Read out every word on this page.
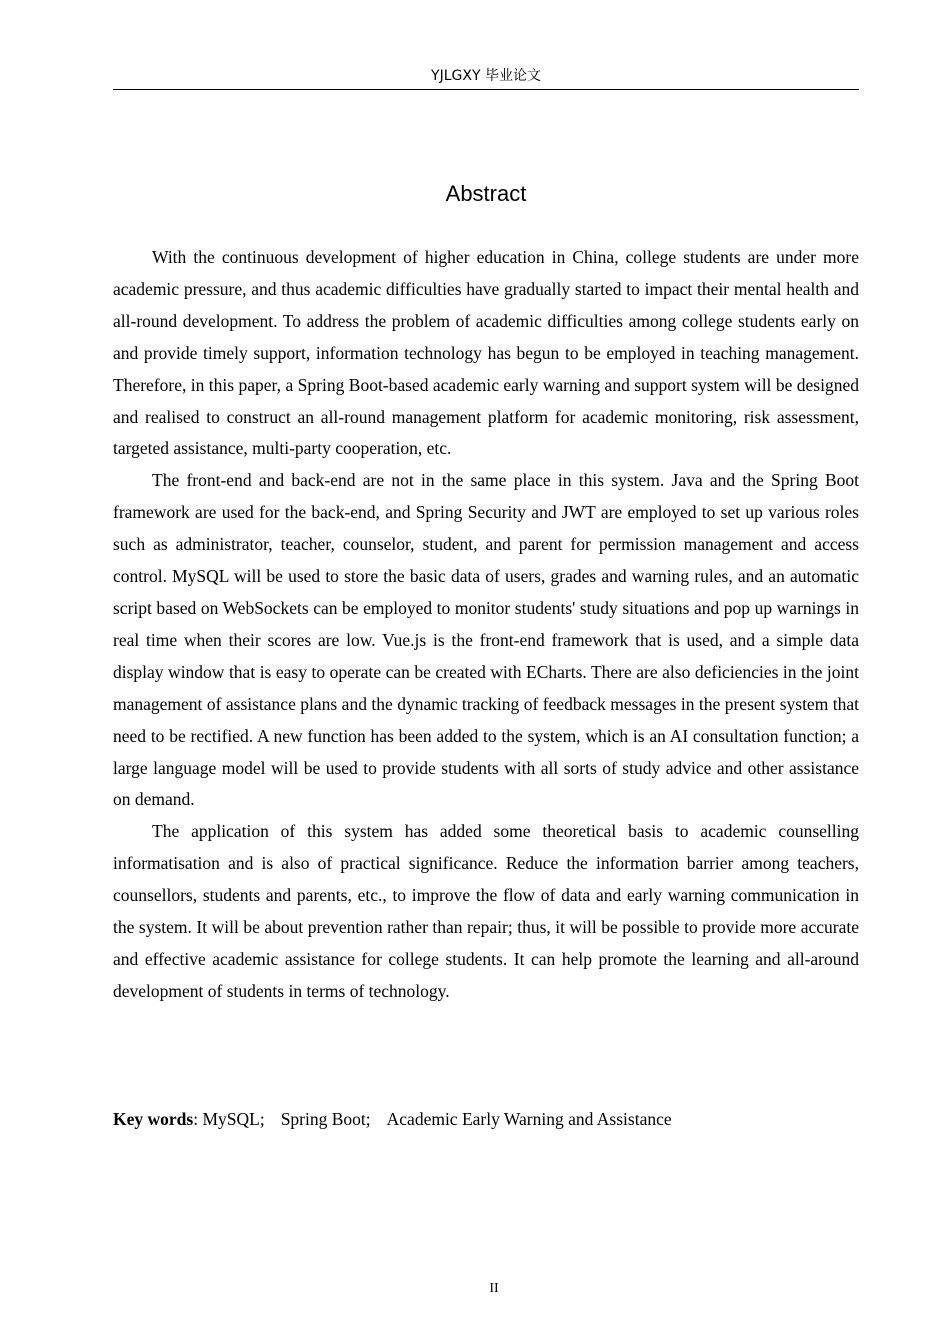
YJLGXY 毕业论文
Abstract

With the continuous development of higher education in China, college students are under more academic pressure, and thus academic difficulties have gradually started to impact their mental health and all-round development. To address the problem of academic difficulties among college students early on and provide timely support, information technology has begun to be employed in teaching management. Therefore, in this paper, a Spring Boot-based academic early warning and support system will be designed and realised to construct an all-round management platform for academic monitoring, risk assessment, targeted assistance, multi-party cooperation, etc.

The front-end and back-end are not in the same place in this system. Java and the Spring Boot framework are used for the back-end, and Spring Security and JWT are employed to set up various roles such as administrator, teacher, counselor, student, and parent for permission management and access control. MySQL will be used to store the basic data of users, grades and warning rules, and an automatic script based on WebSockets can be employed to monitor students' study situations and pop up warnings in real time when their scores are low. Vue.js is the front-end framework that is used, and a simple data display window that is easy to operate can be created with ECharts. There are also deficiencies in the joint management of assistance plans and the dynamic tracking of feedback messages in the present system that need to be rectified. A new function has been added to the system, which is an AI consultation function; a large language model will be used to provide students with all sorts of study advice and other assistance on demand.

The application of this system has added some theoretical basis to academic counselling informatisation and is also of practical significance. Reduce the information barrier among teachers, counsellors, students and parents, etc., to improve the flow of data and early warning communication in the system. It will be about prevention rather than repair; thus, it will be possible to provide more accurate and effective academic assistance for college students. It can help promote the learning and all-around development of students in terms of technology.

Key words: MySQL; Spring Boot; Academic Early Warning and Assistance
II
